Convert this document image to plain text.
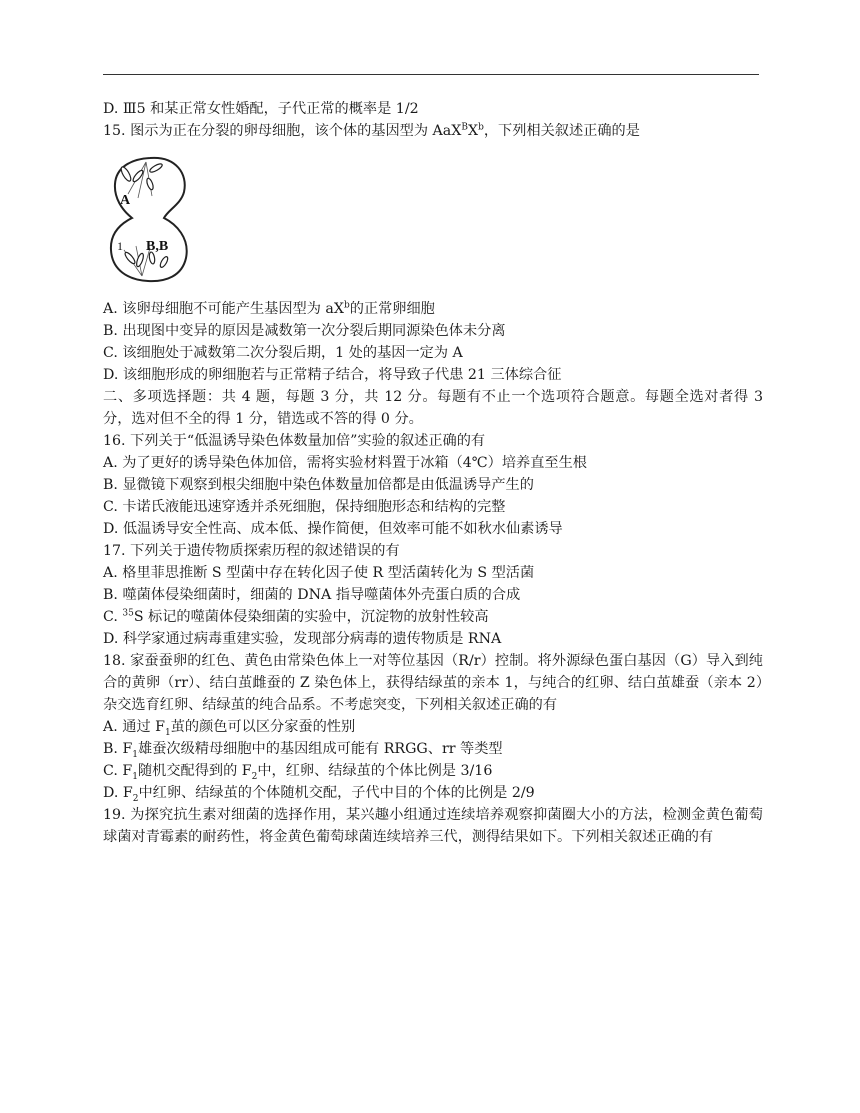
D. Ⅲ5 和某正常女性婚配，子代正常的概率是 1/2
15. 图示为正在分裂的卵母细胞，该个体的基因型为 $AaX^BX^b$，下列相关叙述正确的是
A
1 B,B
A. 该卵母细胞不可能产生基因型为 $aX^b$的正常卵细胞
B. 出现图中变异的原因是减数第一次分裂后期同源染色体未分离
C. 该细胞处于减数第二次分裂后期，1 处的基因一定为 A
D. 该细胞形成的卵细胞若与正常精子结合，将导致子代患 21 三体综合征
二、多项选择题：共 4 题，每题 3 分，共 12 分。每题有不止一个选项符合题意。每题全选对者得 3 分，选对但不全的得 1 分，错选或不答的得 0 分。
16. 下列关于“低温诱导染色体数量加倍”实验的叙述正确的有
A. 为了更好的诱导染色体加倍，需将实验材料置于冰箱（4℃）培养直至生根
B. 显微镜下观察到根尖细胞中染色体数量加倍都是由低温诱导产生的
C. 卡诺氏液能迅速穿透并杀死细胞，保持细胞形态和结构的完整
D. 低温诱导安全性高、成本低、操作简便，但效率可能不如秋水仙素诱导
17. 下列关于遗传物质探索历程的叙述错误的有
A. 格里菲思推断 S 型菌中存在转化因子使 R 型活菌转化为 S 型活菌
B. 噬菌体侵染细菌时，细菌的 DNA 指导噬菌体外壳蛋白质的合成
C. $^{35}$S 标记的噬菌体侵染细菌的实验中，沉淀物的放射性较高
D. 科学家通过病毒重建实验，发现部分病毒的遗传物质是 RNA
18. 家蚕蚕卵的红色、黄色由常染色体上一对等位基因（R/r）控制。将外源绿色蛋白基因（G）导入到纯合的黄卵（rr）、结白茧雌蚕的 Z 染色体上，获得结绿茧的亲本 1，与纯合的红卵、结白茧雄蚕（亲本 2）杂交选育红卵、结绿茧的纯合品系。不考虑突变，下列相关叙述正确的有
A. 通过 $F_1$茧的颜色可以区分家蚕的性别
B. $F_1$雄蚕次级精母细胞中的基因组成可能有 RRGG、rr 等类型
C. $F_1$随机交配得到的 $F_2$中，红卵、结绿茧的个体比例是 3/16
D. $F_2$中红卵、结绿茧的个体随机交配，子代中目的个体的比例是 2/9
19. 为探究抗生素对细菌的选择作用，某兴趣小组通过连续培养观察抑菌圈大小的方法，检测金黄色葡萄球菌对青霉素的耐药性，将金黄色葡萄球菌连续培养三代，测得结果如下。下列相关叙述正确的有
